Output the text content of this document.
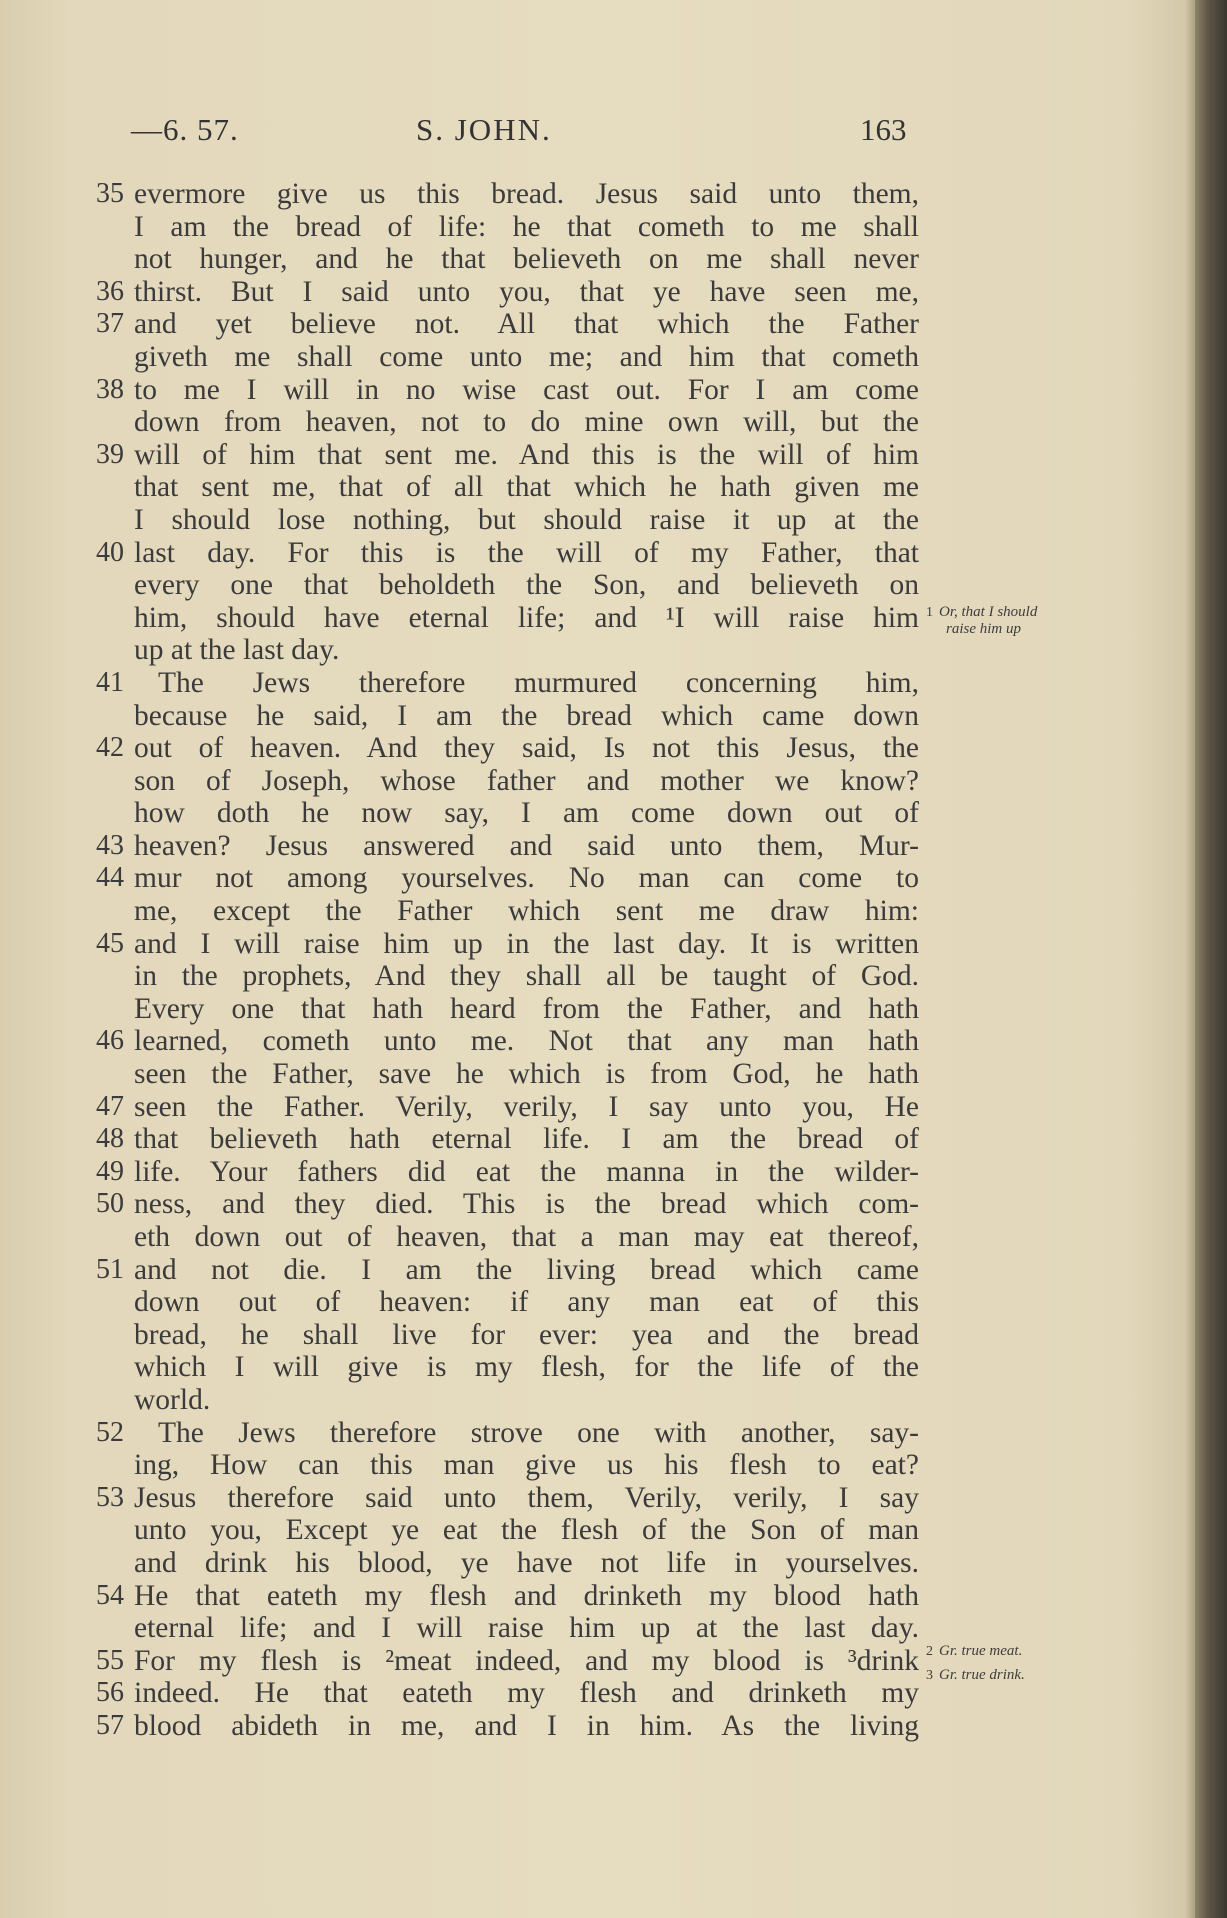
—6. 57.	S. JOHN.	163
35 evermore give us this bread. Jesus said unto them,
I am the bread of life: he that cometh to me shall
not hunger, and he that believeth on me shall never
36 thirst. But I said unto you, that ye have seen me,
37 and yet believe not. All that which the Father
giveth me shall come unto me; and him that cometh
38 to me I will in no wise cast out. For I am come
down from heaven, not to do mine own will, but the
39 will of him that sent me. And this is the will of him
that sent me, that of all that which he hath given me
I should lose nothing, but should raise it up at the
40 last day. For this is the will of my Father, that
every one that beholdeth the Son, and believeth on
him, should have eternal life; and ¹I will raise him
up at the last day.
41	The Jews therefore murmured concerning him,
because he said, I am the bread which came down
42 out of heaven. And they said, Is not this Jesus, the
son of Joseph, whose father and mother we know?
how doth he now say, I am come down out of
43 heaven? Jesus answered and said unto them, Mur-
44 mur not among yourselves. No man can come to
me, except the Father which sent me draw him:
45 and I will raise him up in the last day. It is written
in the prophets, And they shall all be taught of God.
Every one that hath heard from the Father, and hath
46 learned, cometh unto me. Not that any man hath
seen the Father, save he which is from God, he hath
47 seen the Father. Verily, verily, I say unto you, He
48 that believeth hath eternal life. I am the bread of
49 life. Your fathers did eat the manna in the wilder-
50 ness, and they died. This is the bread which com-
eth down out of heaven, that a man may eat thereof,
51 and not die. I am the living bread which came
down out of heaven: if any man eat of this
bread, he shall live for ever: yea and the bread
which I will give is my flesh, for the life of the
world.
52	The Jews therefore strove one with another, say-
ing, How can this man give us his flesh to eat?
53 Jesus therefore said unto them, Verily, verily, I say
unto you, Except ye eat the flesh of the Son of man
and drink his blood, ye have not life in yourselves.
54 He that eateth my flesh and drinketh my blood hath
eternal life; and I will raise him up at the last day.
55 For my flesh is ²meat indeed, and my blood is ³drink
56 indeed. He that eateth my flesh and drinketh my
57 blood abideth in me, and I in him. As the living
1 Or, that I should
raise him up
2 Gr. true meat.
3 Gr. true drink.
